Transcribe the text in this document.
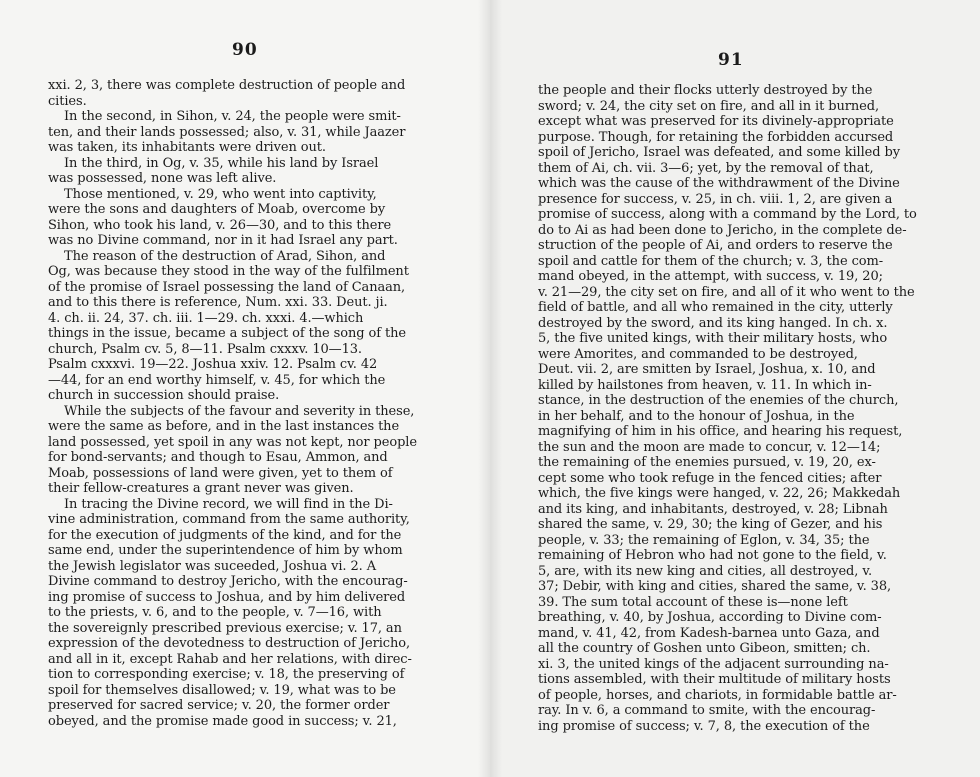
90
xxi. 2, 3, there was complete destruction of people and
cities.
In the second, in Sihon, v. 24, the people were smit-
ten, and their lands possessed; also, v. 31, while Jaazer
was taken, its inhabitants were driven out.
In the third, in Og, v. 35, while his land by Israel
was possessed, none was left alive.
Those mentioned, v. 29, who went into captivity,
were the sons and daughters of Moab, overcome by
Sihon, who took his land, v. 26—30, and to this there
was no Divine command, nor in it had Israel any part.
The reason of the destruction of Arad, Sihon, and
Og, was because they stood in the way of the fulfilment
of the promise of Israel possessing the land of Canaan,
and to this there is reference, Num. xxi. 33. Deut. ji.
4. ch. ii. 24, 37. ch. iii. 1—29. ch. xxxi. 4.—which
things in the issue, became a subject of the song of the
church, Psalm cv. 5, 8—11. Psalm cxxxv. 10—13.
Psalm cxxxvi. 19—22. Joshua xxiv. 12. Psalm cv. 42
—44, for an end worthy himself, v. 45, for which the
church in succession should praise.
While the subjects of the favour and severity in these,
were the same as before, and in the last instances the
land possessed, yet spoil in any was not kept, nor people
for bond-servants; and though to Esau, Ammon, and
Moab, possessions of land were given, yet to them of
their fellow-creatures a grant never was given.
In tracing the Divine record, we will find in the Di-
vine administration, command from the same authority,
for the execution of judgments of the kind, and for the
same end, under the superintendence of him by whom
the Jewish legislator was suceeded, Joshua vi. 2. A
Divine command to destroy Jericho, with the encourag-
ing promise of success to Joshua, and by him delivered
to the priests, v. 6, and to the people, v. 7—16, with
the sovereignly prescribed previous exercise; v. 17, an
expression of the devotedness to destruction of Jericho,
and all in it, except Rahab and her relations, with direc-
tion to corresponding exercise; v. 18, the preserving of
spoil for themselves disallowed; v. 19, what was to be
preserved for sacred service; v. 20, the former order
obeyed, and the promise made good in success; v. 21,
91
the people and their flocks utterly destroyed by the
sword; v. 24, the city set on fire, and all in it burned,
except what was preserved for its divinely-appropriate
purpose. Though, for retaining the forbidden accursed
spoil of Jericho, Israel was defeated, and some killed by
them of Ai, ch. vii. 3—6; yet, by the removal of that,
which was the cause of the withdrawment of the Divine
presence for success, v. 25, in ch. viii. 1, 2, are given a
promise of success, along with a command by the Lord, to
do to Ai as had been done to Jericho, in the complete de-
struction of the people of Ai, and orders to reserve the
spoil and cattle for them of the church; v. 3, the com-
mand obeyed, in the attempt, with success, v. 19, 20;
v. 21—29, the city set on fire, and all of it who went to the
field of battle, and all who remained in the city, utterly
destroyed by the sword, and its king hanged. In ch. x.
5, the five united kings, with their military hosts, who
were Amorites, and commanded to be destroyed,
Deut. vii. 2, are smitten by Israel, Joshua, x. 10, and
killed by hailstones from heaven, v. 11. In which in-
stance, in the destruction of the enemies of the church,
in her behalf, and to the honour of Joshua, in the
magnifying of him in his office, and hearing his request,
the sun and the moon are made to concur, v. 12—14;
the remaining of the enemies pursued, v. 19, 20, ex-
cept some who took refuge in the fenced cities; after
which, the five kings were hanged, v. 22, 26; Makkedah
and its king, and inhabitants, destroyed, v. 28; Libnah
shared the same, v. 29, 30; the king of Gezer, and his
people, v. 33; the remaining of Eglon, v. 34, 35; the
remaining of Hebron who had not gone to the field, v.
5, are, with its new king and cities, all destroyed, v.
37; Debir, with king and cities, shared the same, v. 38,
39. The sum total account of these is—none left
breathing, v. 40, by Joshua, according to Divine com-
mand, v. 41, 42, from Kadesh-barnea unto Gaza, and
all the country of Goshen unto Gibeon, smitten; ch.
xi. 3, the united kings of the adjacent surrounding na-
tions assembled, with their multitude of military hosts
of people, horses, and chariots, in formidable battle ar-
ray. In v. 6, a command to smite, with the encourag-
ing promise of success; v. 7, 8, the execution of the
